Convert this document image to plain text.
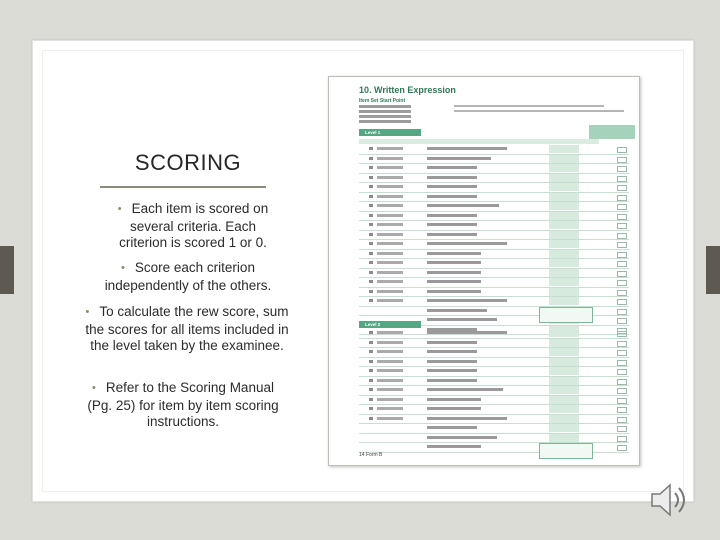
SCORING
• Each item is scored on several criteria. Each criterion is scored 1 or 0.
• Score each criterion independently of the others.
• To calculate the rew score, sum the scores for all items included in the level taken by the examinee.
• Refer to the Scoring Manual (Pg. 25) for item by item scoring instructions.
10. Written Expression
Item Set Start Point
Level 1
Level 2
14 Form B
